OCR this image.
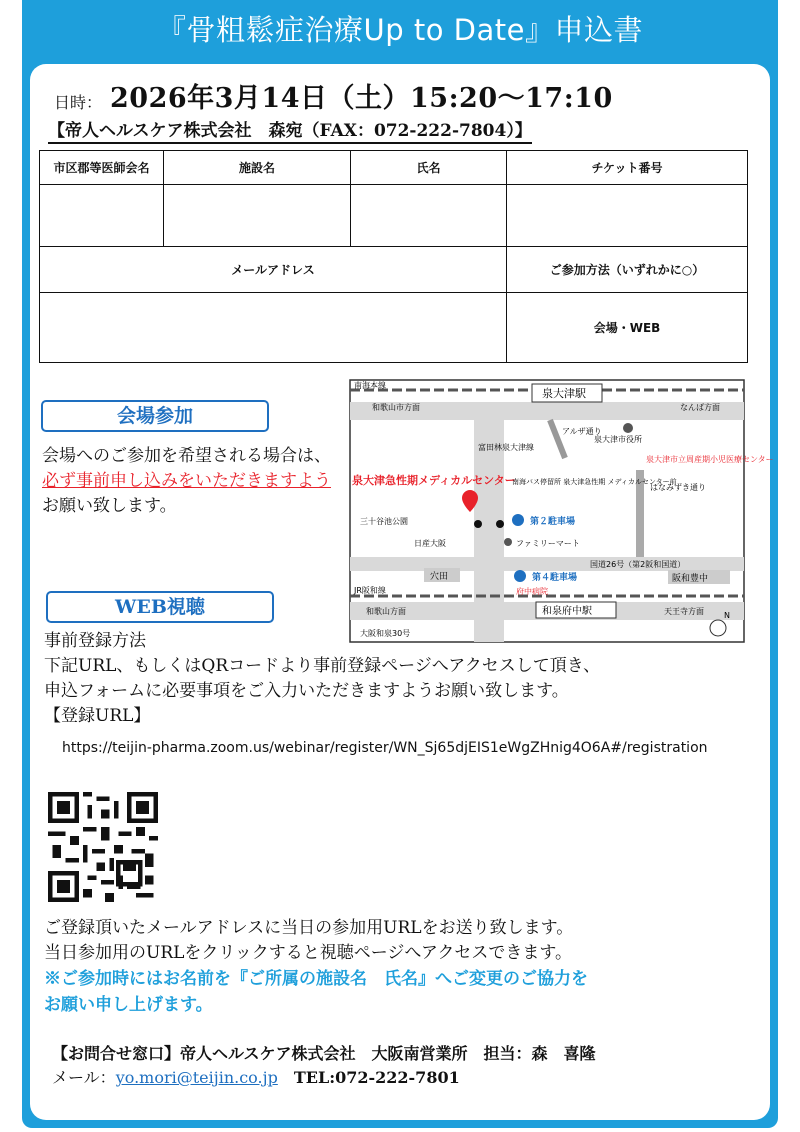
『骨粗鬆症治療Up to Date』申込書
日時： 2026年3月14日（土）15:20～17:10
【帝人ヘルスケア株式会社　森宛（FAX：072-222-7804）】
市区郡等医師会名	施設名	氏名	チケット番号

メールアドレス			ご参加方法（いずれかに○）
			会場・WEB
会場参加
会場へのご参加を希望される場合は、必ず事前申し込みをいただきますようお願い致します。
南海本線
泉大津駅
和歌山市方面	なんば方面
富田林泉大津線
アルザ通り
泉大津市役所
泉大津市立周産期小児医療センター
泉大津急性期メディカルセンター
南海バス停留所 泉大津急性期 メディカルセンター前
第２駐車場
はなみずき通り
三十谷池公園
日産大阪	ファミリーマート
国道26号（第2阪和国道）
穴田	第４駐車場	阪和豊中
府中病院
JR阪和線
和泉府中駅
和歌山方面	天王寺方面
大阪和泉30号
N
WEB視聴
事前登録方法
下記URL、もしくはQRコードより事前登録ページへアクセスして頂き、
申込フォームに必要事項をご入力いただきますようお願い致します。
【登録URL】
https://teijin-pharma.zoom.us/webinar/register/WN_Sj65djEIS1eWgZHnig4O6A#/registration
ご登録頂いたメールアドレスに当日の参加用URLをお送り致します。
当日参加用のURLをクリックすると視聴ページへアクセスできます。
※ご参加時にはお名前を『ご所属の施設名　氏名』へご変更のご協力を
お願い申し上げます。
【お問合せ窓口】帝人ヘルスケア株式会社　大阪南営業所　担当：森　喜隆
メール：yo.mori@teijin.co.jp　 TEL:072-222-7801
